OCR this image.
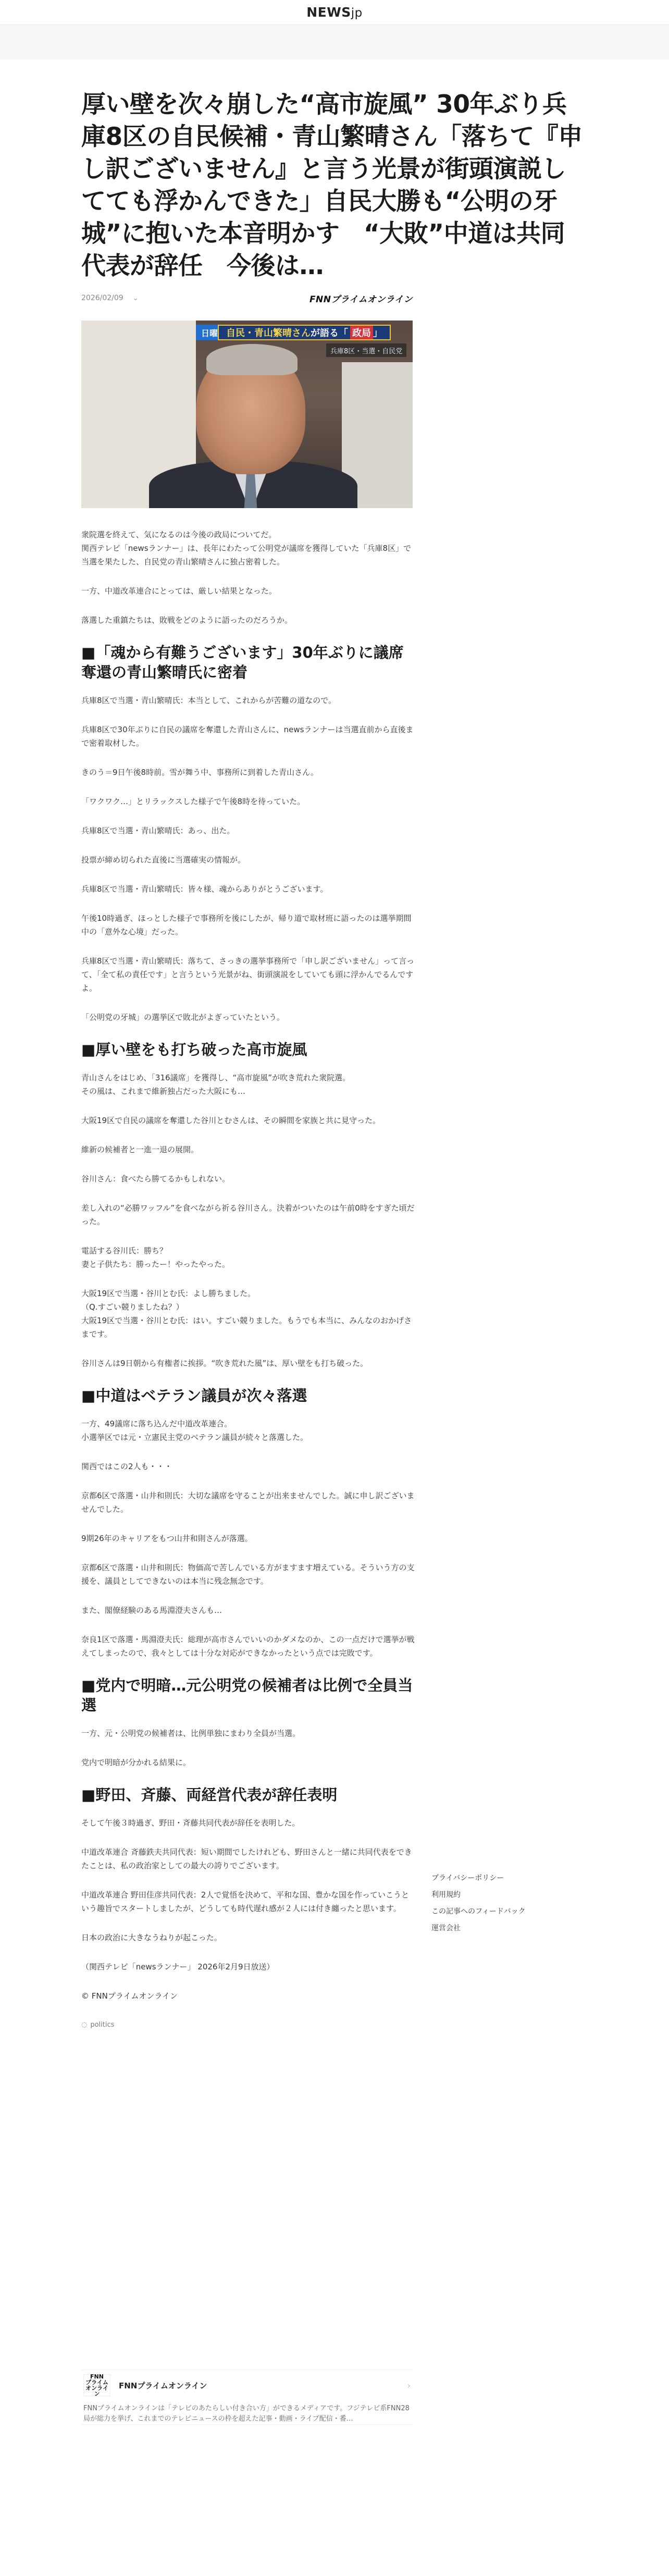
NEWSjp
厚い壁を次々崩した“高市旋風” 30年ぶり兵庫8区の自民候補・青山繁晴さん「落ちて『申し訳ございません』と言う光景が街頭演説してても浮かんできた」自民大勝も“公明の牙城”に抱いた本音明かす　“大敗”中道は共同代表が辞任　今後は…
2026/02/09 ⌄	FNNプライムオンライン
日曜 自民・青山繁晴さん が語る「 政局 」
兵庫8区・当選・自民党

衆院選を終えて、気になるのは今後の政局についてだ。
関西テレビ「newsランナー」は、長年にわたって公明党が議席を獲得していた「兵庫8区」で当選を果たした、自民党の青山繁晴さんに独占密着した。

一方、中道改革連合にとっては、厳しい結果となった。

落選した重鎮たちは、敗戦をどのように語ったのだろうか。

■「魂から有難うございます」30年ぶりに議席奪還の青山繁晴氏に密着

兵庫8区で当選・青山繁晴氏：本当として、これからが苦難の道なので。

兵庫8区で30年ぶりに自民の議席を奪還した青山さんに、newsランナーは当選直前から直後まで密着取材した。

きのう＝9日午後8時前。雪が舞う中、事務所に到着した青山さん。

「ワクワク…」とリラックスした様子で午後8時を待っていた。

兵庫8区で当選・青山繁晴氏：あっ、出た。

投票が締め切られた直後に当選確実の情報が。

兵庫8区で当選・青山繁晴氏：皆々様、魂からありがとうございます。

午後10時過ぎ、ほっとした様子で事務所を後にしたが、帰り道で取材班に語ったのは選挙期間中の「意外な心境」だった。

兵庫8区で当選・青山繁晴氏：落ちて、さっきの選挙事務所で「申し訳ございません」って言って、「全て私の責任です」と言うという光景がね、街頭演説をしていても頭に浮かんでるんですよ。

「公明党の牙城」の選挙区で敗北がよぎっていたという。

■厚い壁をも打ち破った高市旋風

青山さんをはじめ、「316議席」を獲得し、“高市旋風”が吹き荒れた衆院選。
その風は、これまで維新独占だった大阪にも…

大阪19区で自民の議席を奪還した谷川とむさんは、その瞬間を家族と共に見守った。

維新の候補者と一進一退の展開。

谷川さん：食べたら勝てるかもしれない。

差し入れの“必勝ワッフル”を食べながら祈る谷川さん。決着がついたのは午前0時をすぎた頃だった。

電話する谷川氏：勝ち？
妻と子供たち：勝ったー！やったやった。

大阪19区で当選・谷川とむ氏：よし勝ちました。
（Q.すごい競りましたね？）
大阪19区で当選・谷川とむ氏：はい。すごい競りました。もうでも本当に、みんなのおかげさまです。

谷川さんは9日朝から有権者に挨拶。“吹き荒れた風”は、厚い壁をも打ち破った。

■中道はベテラン議員が次々落選

一方、49議席に落ち込んだ中道改革連合。
小選挙区では元・立憲民主党のベテラン議員が続々と落選した。

関西ではこの2人も・・・

京都6区で落選・山井和則氏：大切な議席を守ることが出来ませんでした。誠に申し訳ございませんでした。

9期26年のキャリアをもつ山井和則さんが落選。

京都6区で落選・山井和則氏：物価高で苦しんでいる方がますます増えている。そういう方の支援を、議員としてできないのは本当に残念無念です。

また、閣僚経験のある馬淵澄夫さんも…

奈良1区で落選・馬淵澄夫氏：総理が高市さんでいいのかダメなのか、この一点だけで選挙が戦えてしまったので、我々としては十分な対応ができなかったという点では完敗です。

■党内で明暗…元公明党の候補者は比例で全員当選

一方、元・公明党の候補者は、比例単独にまわり全員が当選。

党内で明暗が分かれる結果に。

■野田、斉藤、両経営代表が辞任表明

そして午後３時過ぎ、野田・斉藤共同代表が辞任を表明した。

中道改革連合 斉藤鉄夫共同代表：短い期間でしたけれども、野田さんと一緒に共同代表をできたことは、私の政治家としての最大の誇りでございます。

中道改革連合 野田佳彦共同代表：2人で覚悟を決めて、平和な国、豊かな国を作っていこうという趣旨でスタートしましたが、どうしても時代遅れ感が２人には付き纏ったと思います。

日本の政治に大きなうねりが起こった。

（関西テレビ「newsランナー」 2026年2月9日放送）

© FNNプライムオンライン

◌ politics
プライバシーポリシー
利用規約
この記事へのフィードバック
運営会社
FNN
プライム
オンライン
FNNプライムオンライン	›
FNNプライムオンラインは「テレビのあたらしい付き合い方」ができるメディアです。フジテレビ系FNN28局が総力を挙げ、これまでのテレビニュースの枠を超えた記事・動画・ライブ配信・番…
